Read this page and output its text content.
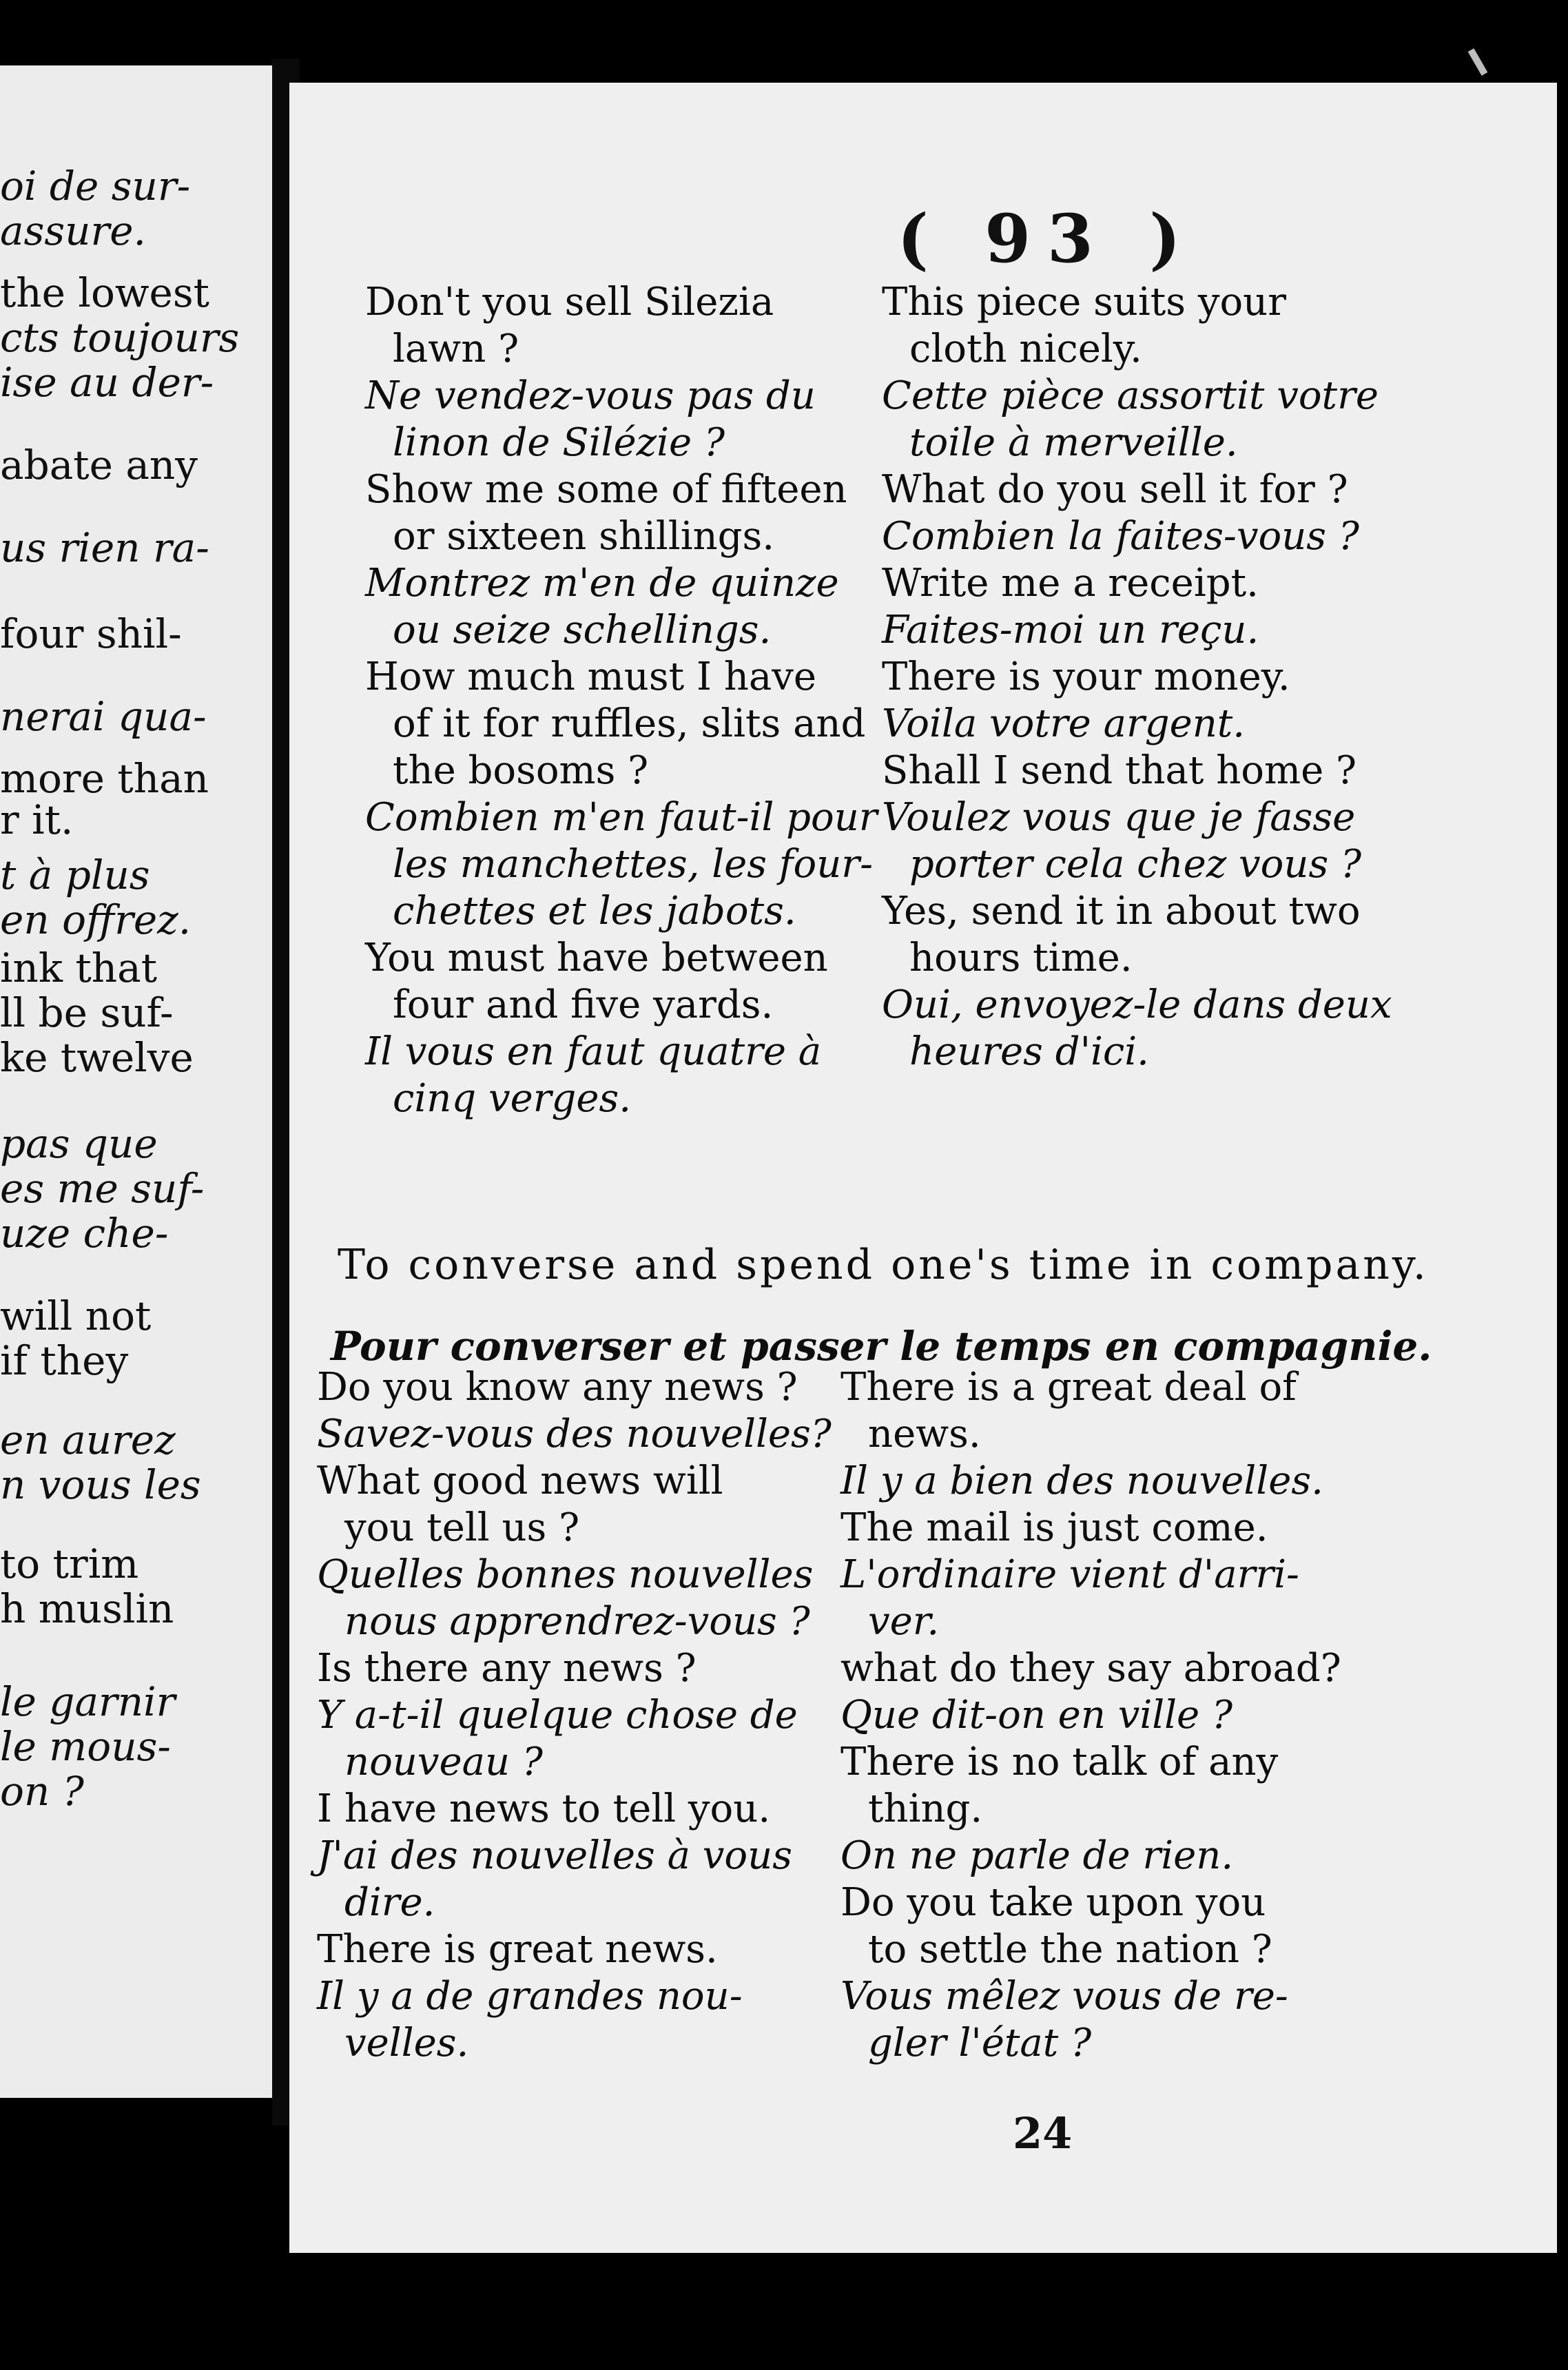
oi de sur-

assure.

the lowest

cts toujours

ise au der-

abate any

us rien ra-

four shil-

nerai qua-

more than

r it.

t à plus

en offrez.

ink that

ll be suf-

ke twelve

pas que

es me suf-

uze che-

will not

if they

en aurez

n vous les

to trim

h muslin

le garnir

le mous-

on ?

( 93 )
Don't you sell Silezia
lawn ?
Ne vendez-vous pas du
linon de Silézie ?
Show me some of fifteen
or sixteen shillings.
Montrez m'en de quinze
ou seize schellings.
How much must I have
of it for ruffles, slits and
the bosoms ?
Combien m'en faut-il pour
les manchettes, les four-
chettes et les jabots.
You must have between
four and five yards.
Il vous en faut quatre à
cinq verges.
This piece suits your
cloth nicely.
Cette pièce assortit votre
toile à merveille.
What do you sell it for ?
Combien la faites-vous ?
Write me a receipt.
Faites-moi un reçu.
There is your money.
Voila votre argent.
Shall I send that home ?
Voulez vous que je fasse
porter cela chez vous ?
Yes, send it in about two
hours time.
Oui, envoyez-le dans deux
heures d'ici.

To converse and spend one's time in company.

Pour converser et passer le temps en compagnie.

Do you know any news ?
Savez-vous des nouvelles?
What good news will
you tell us ?
Quelles bonnes nouvelles
nous apprendrez-vous ?
Is there any news ?
Y a-t-il quelque chose de
nouveau ?
I have news to tell you.
J'ai des nouvelles à vous
dire.
There is great news.
Il y a de grandes nou-
velles.
There is a great deal of
news.
Il y a bien des nouvelles.
The mail is just come.
L'ordinaire vient d'arri-
ver.
what do they say abroad?
Que dit-on en ville ?
There is no talk of any
thing.
On ne parle de rien.
Do you take upon you
to settle the nation ?
Vous mêlez vous de re-
gler l'état ?

24
